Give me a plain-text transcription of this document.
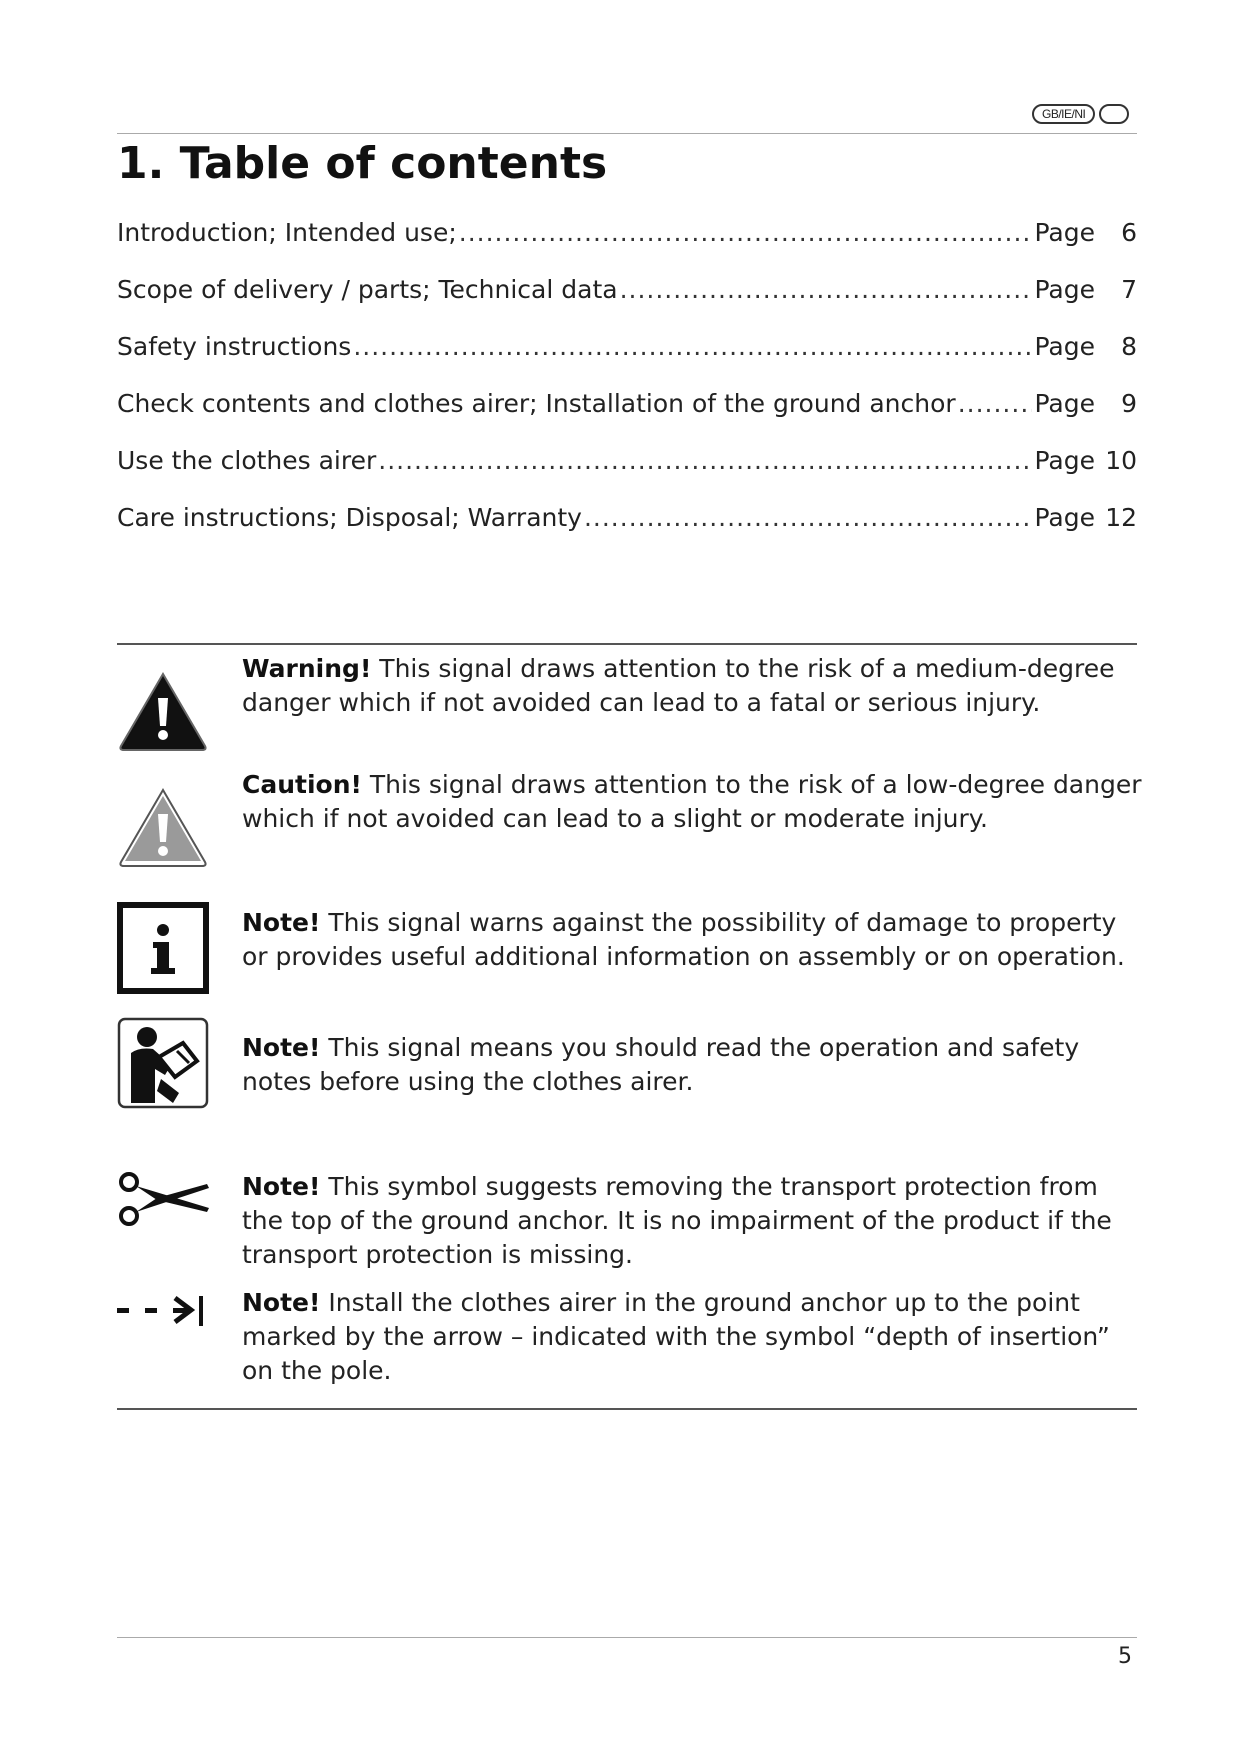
GB/IE/NI
1. Table of contents
Introduction; Intended use; .....	Page 6
Scope of delivery / parts; Technical data .....	Page 7
Safety instructions .....	Page 8
Check contents and clothes airer; Installation of the ground anchor .....	Page 9
Use the clothes airer .....	Page 10
Care instructions; Disposal; Warranty .....	Page 12
Warning! This signal draws attention to the risk of a medium-degree danger which if not avoided can lead to a fatal or serious injury.
Caution! This signal draws attention to the risk of a low-degree danger which if not avoided can lead to a slight or moderate injury.
Note! This signal warns against the possibility of damage to property or provides useful additional information on assembly or on operation.
Note! This signal means you should read the operation and safety notes before using the clothes airer.
Note! This symbol suggests removing the transport protection from the top of the ground anchor. It is no impairment of the product if the transport protection is missing.
Note! Install the clothes airer in the ground anchor up to the point marked by the arrow – indicated with the symbol “depth of insertion” on the pole.
5
